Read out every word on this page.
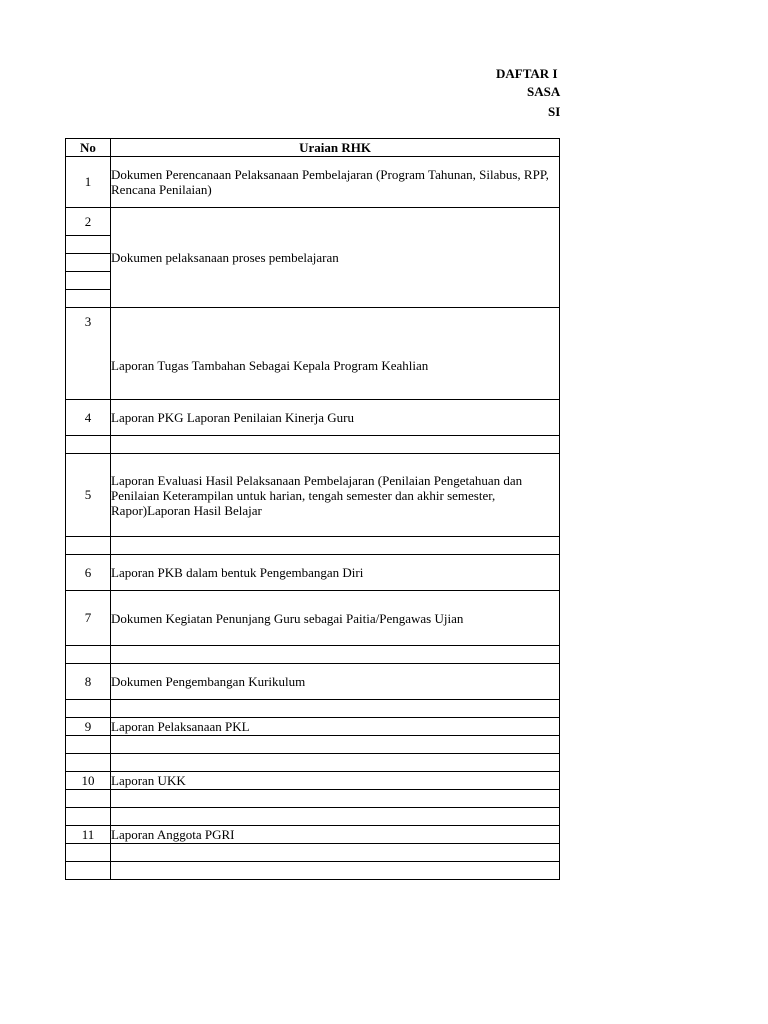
DAFTAR I
SASA
SI
No	Uraian RHK
1	Dokumen Perencanaan Pelaksanaan Pembelajaran (Program Tahunan, Silabus, RPP, Rencana Penilaian)
2	Dokumen pelaksanaan proses pembelajaran

3	Laporan Tugas Tambahan Sebagai Kepala Program Keahlian
4	Laporan PKG Laporan Penilaian Kinerja Guru

5	Laporan Evaluasi Hasil Pelaksanaan Pembelajaran (Penilaian Pengetahuan dan Penilaian Keterampilan untuk harian, tengah semester dan akhir semester, Rapor)Laporan Hasil Belajar

6	Laporan PKB dalam bentuk Pengembangan Diri
7	Dokumen Kegiatan Penunjang Guru sebagai Paitia/Pengawas Ujian

8	Dokumen Pengembangan Kurikulum

9	Laporan Pelaksanaan PKL

10	Laporan UKK

11	Laporan Anggota PGRI
